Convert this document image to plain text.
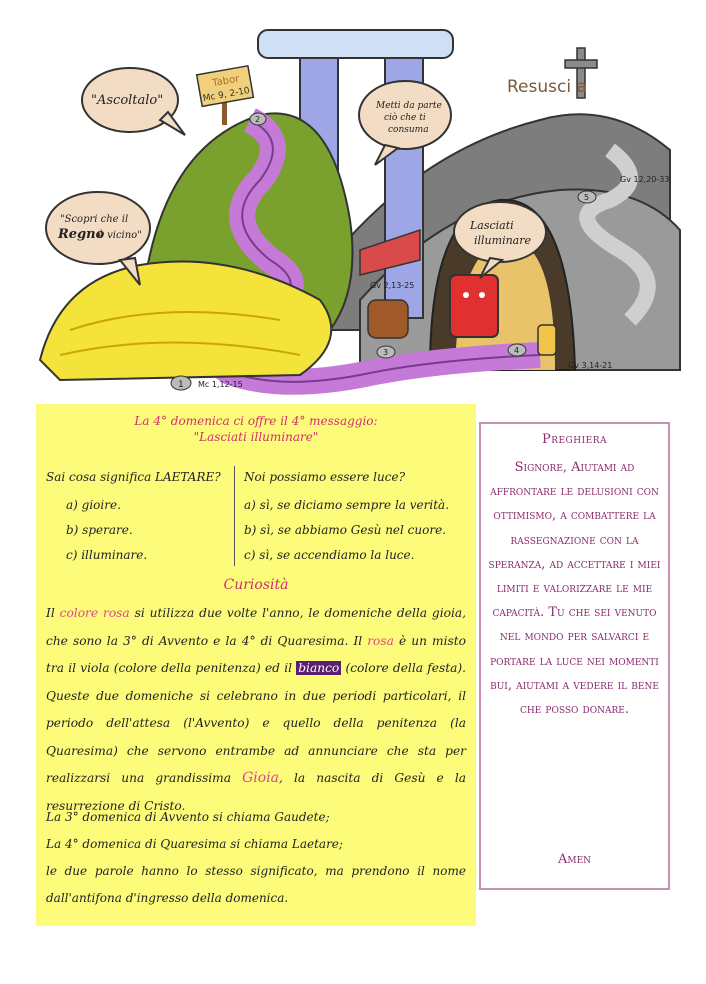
Resusci a
Tabor
Mc 9, 2-10
1
2
3	4
5
Gv 12,20-33
Gv 2,13-25
Gv 3,14-21
Mc 1,12-15
"Ascoltalo"	Metti da parte
ciò che ti
consuma
"Scopri che il
Regno
è vicino"
Lasciati
illuminare
La 4° domenica ci offre il 4° messaggio:
"Lasciati illuminare"
Sai cosa significa LAETARE?
a) gioire.
b) sperare.
c) illuminare.
Noi possiamo essere luce?
a) sì, se diciamo sempre la verità.
b) sì, se abbiamo Gesù nel cuore.
c) sì, se accendiamo la luce.
Curiosità
Il colore rosa si utilizza due volte l'anno, le domeniche della gioia, che sono la 3° di Avvento e la 4° di Quaresima. Il rosa è un misto tra il viola (colore della penitenza) ed il bianco (colore della festa). Queste due domeniche si celebrano in due periodi particolari, il periodo dell'attesa (l'Avvento) e quello della penitenza (la Quaresima) che servono entrambe ad annunciare che sta per realizzarsi una grandissima Gioia, la nascita di Gesù e la resurrezione di Cristo.
La 3° domenica di Avvento si chiama Gaudete;
La 4° domenica di Quaresima si chiama Laetare;
le due parole hanno lo stesso significato, ma prendono il nome dall'antifona d'ingresso della domenica.
Preghiera
Signore, Aiutami ad affrontare le delusioni con ottimismo, a combattere la rassegnazione con la speranza, ad accettare i miei limiti e valorizzare le mie capacità. Tu che sei venuto nel mondo per salvarci e portare la luce nei momenti bui, aiutami a vedere il bene che posso donare.
Amen
